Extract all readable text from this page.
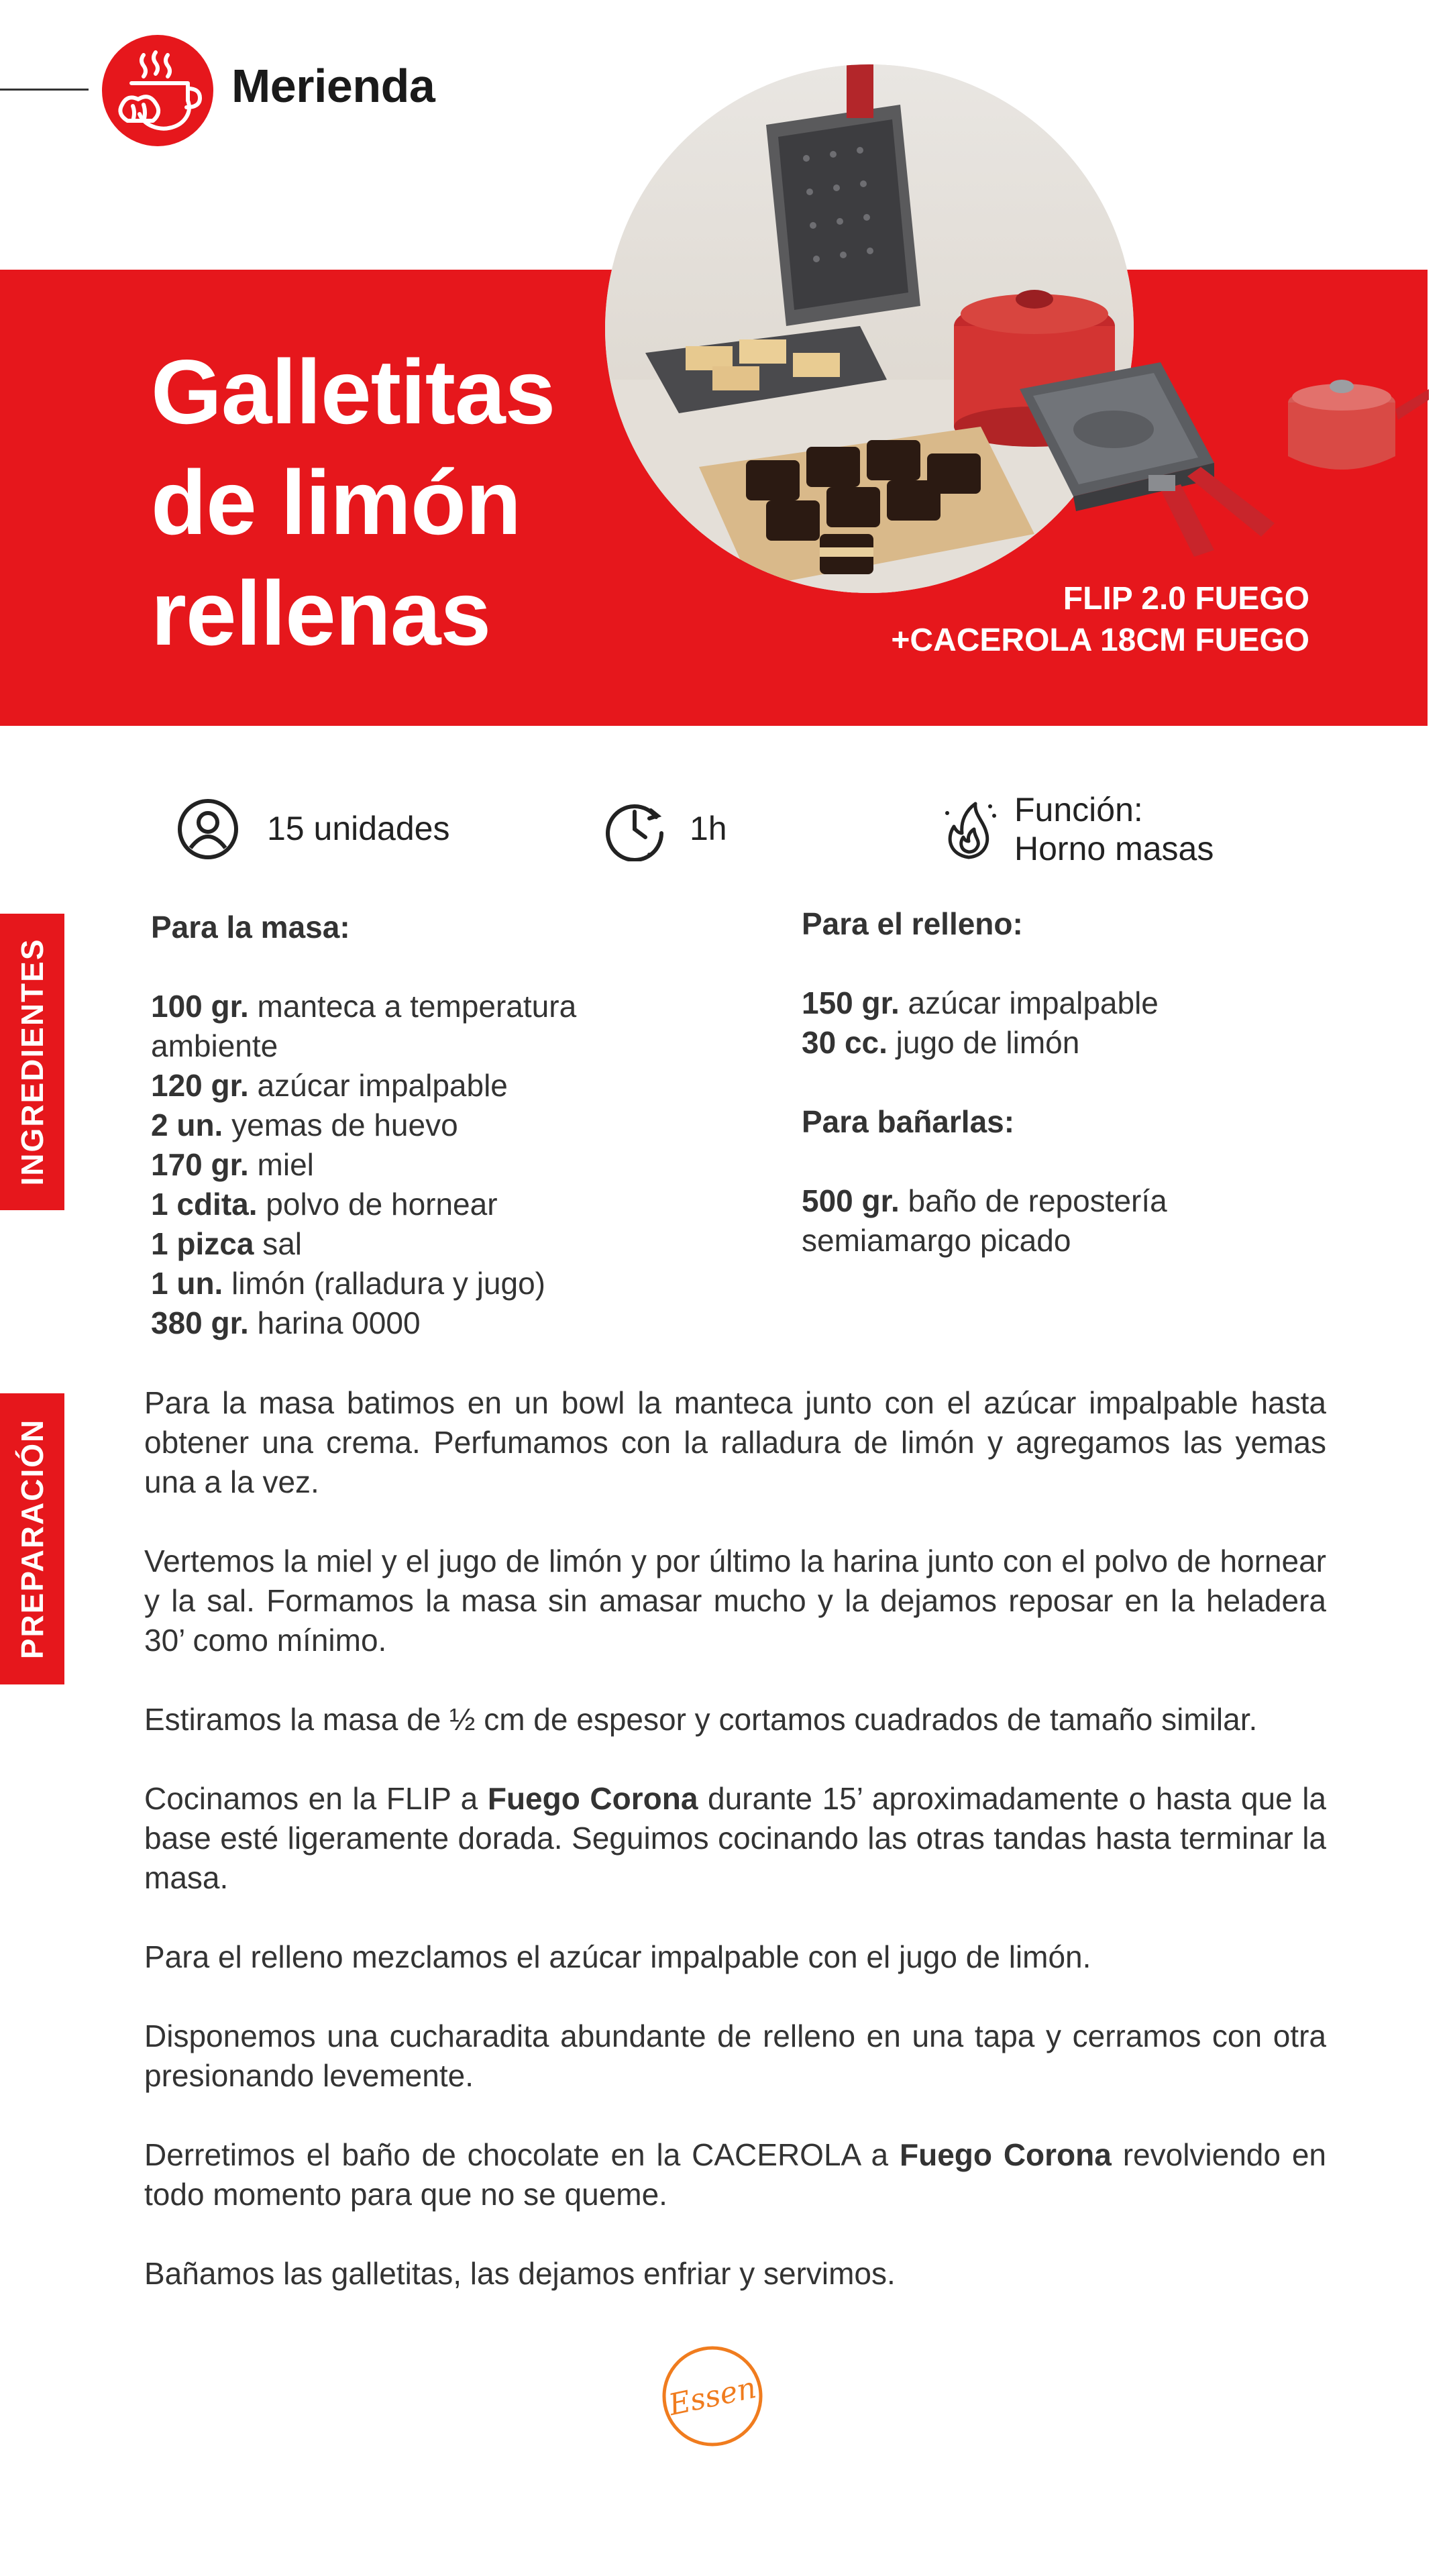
Merienda
Galletitas
de limón
rellenas	FLIP 2.0 FUEGO
+CACEROLA 18CM FUEGO
15 unidades	1h	Función:
Horno masas
INGREDIENTES
PREPARACIÓN
Para la masa:
100 gr. manteca a temperatura
ambiente
120 gr. azúcar impalpable
2 un. yemas de huevo
170 gr. miel
1 cdita. polvo de hornear
1 pizca sal
1 un. limón (ralladura y jugo)
380 gr. harina 0000
Para el relleno:
150 gr. azúcar impalpable
30 cc. jugo de limón
Para bañarlas:
500 gr. baño de repostería
semiamargo picado

Para la masa batimos en un bowl la manteca junto con el azúcar impalpable hasta obtener una crema. Perfumamos con la ralladura de limón y agregamos las yemas una a la vez.

Vertemos la miel y el jugo de limón y por último la harina junto con el polvo de hornear y la sal. Formamos la masa sin amasar mucho y la dejamos reposar en la heladera 30’ como mínimo.

Estiramos la masa de ½ cm de espesor y cortamos cuadrados de tamaño similar.

Cocinamos en la FLIP a Fuego Corona durante 15’ aproximadamente o hasta que la base esté ligeramente dorada. Seguimos cocinando las otras tandas hasta terminar la masa.

Para el relleno mezclamos el azúcar impalpable con el jugo de limón.

Disponemos una cucharadita abundante de relleno en una tapa y cerramos con otra presionando levemente.

Derretimos el baño de chocolate en la CACEROLA a Fuego Corona revolviendo en todo momento para que no se queme.

Bañamos las galletitas, las dejamos enfriar y servimos.

Essen
